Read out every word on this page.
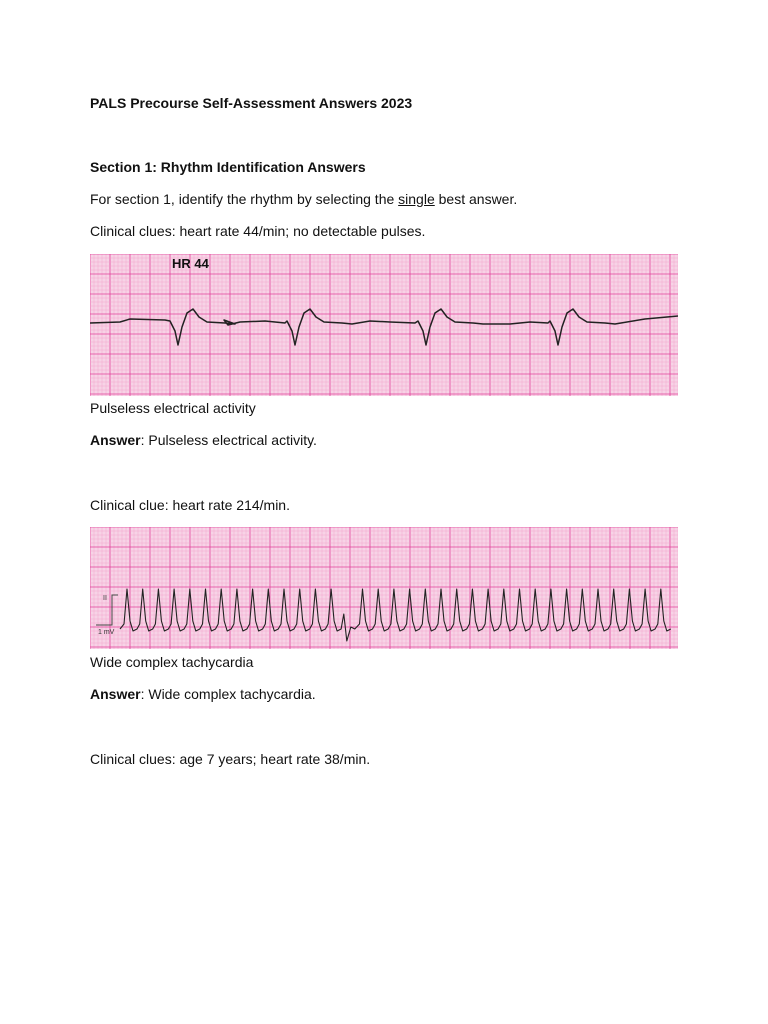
PALS Precourse Self-Assessment Answers 2023
Section 1: Rhythm Identification Answers
For section 1, identify the rhythm by selecting the single best answer.
Clinical clues: heart rate 44/min; no detectable pulses.
HR 44
Pulseless electrical activity
Answer: Pulseless electrical activity.
Clinical clue: heart rate 214/min.
II
1 mV
Wide complex tachycardia
Answer: Wide complex tachycardia.
Clinical clues: age 7 years; heart rate 38/min.
